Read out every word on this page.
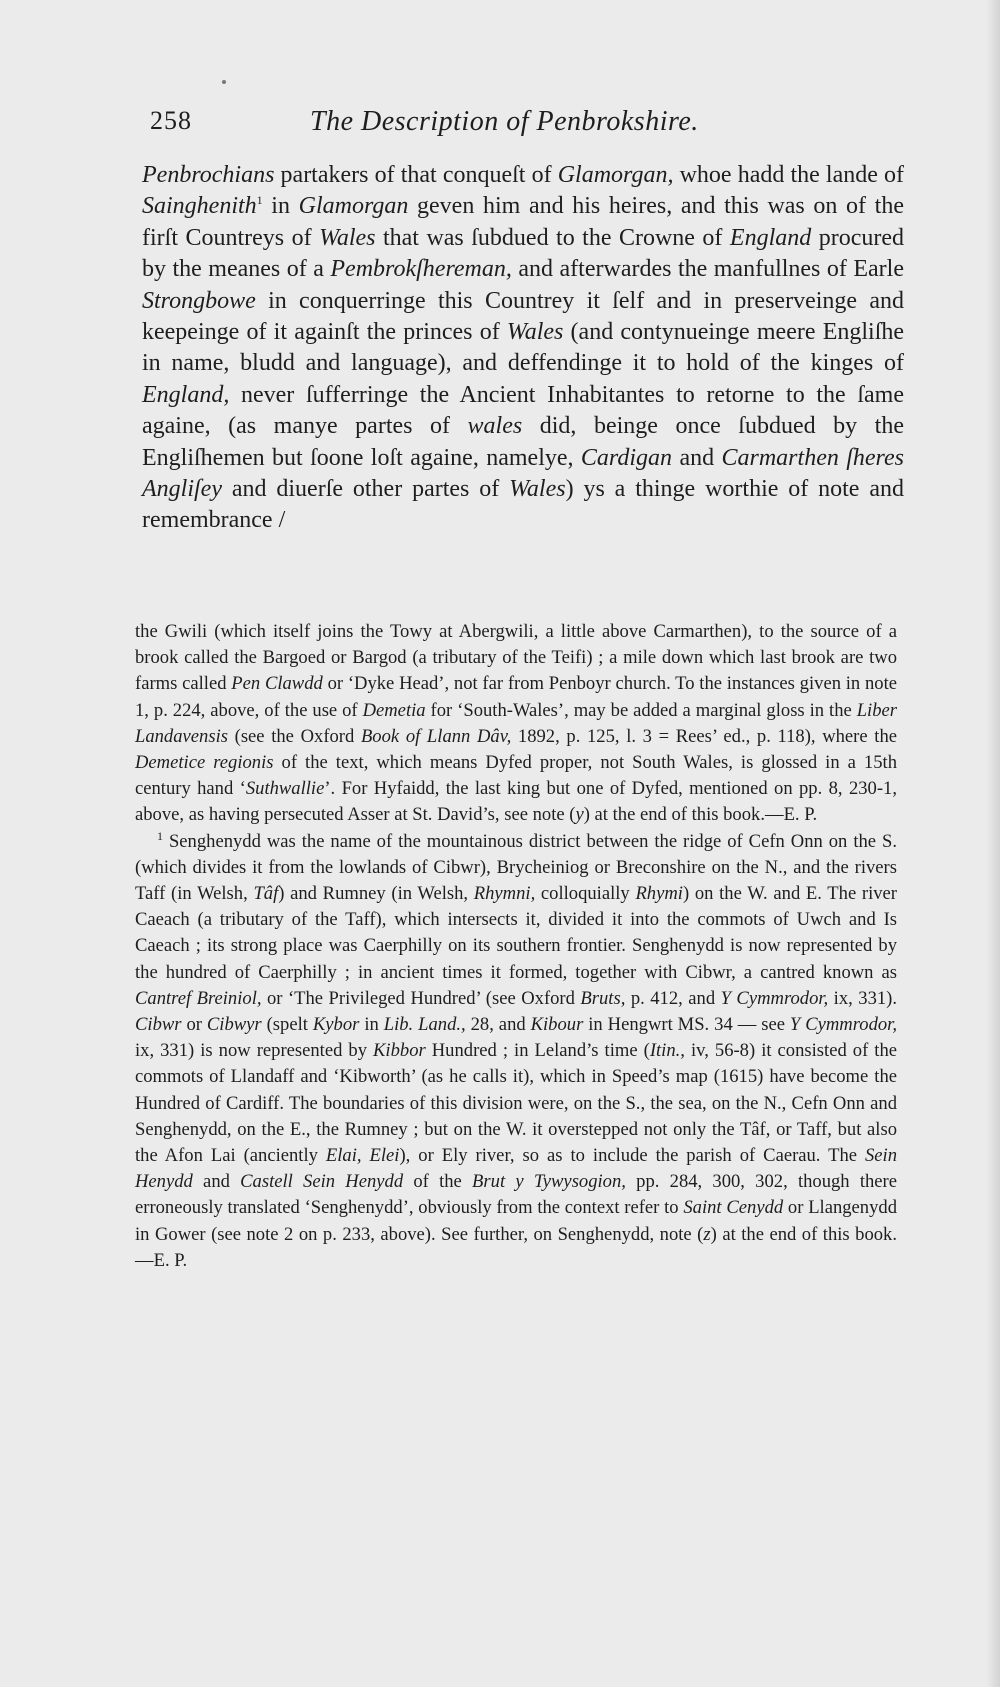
258	The Description of Penbrokshire.

Penbrochians partakers of that conqueſt of Glamorgan, whoe hadd the lande of Sainghenith$^1$ in Glamorgan geven him and his heires, and this was on of the firſt Countreys of Wales that was ſubdued to the Crowne of England procured by the meanes of a Pembrokſhereman, and afterwardes the manfullnes of Earle Strongbowe in conquerringe this Countrey it ſelf and in preserveinge and keepeinge of it againſt the princes of Wales (and contynueinge meere Engliſhe in name, bludd and language), and deffendinge it to hold of the kinges of England, never ſufferringe the Ancient Inhabitantes to retorne to the ſame againe, (as manye partes of wales did, beinge once ſubdued by the Engliſhemen but ſoone loſt againe, namelye, Cardigan and Carmarthen ſheres Angliſey and diuerſe other partes of Wales) ys a thinge worthie of note and remembrance /

the Gwili (which itself joins the Towy at Abergwili, a little above Carmarthen), to the source of a brook called the Bargoed or Bargod (a tributary of the Teifi) ; a mile down which last brook are two farms called Pen Clawdd or ‘Dyke Head’, not far from Penboyr church. To the instances given in note 1, p. 224, above, of the use of Demetia for ‘South-Wales’, may be added a marginal gloss in the Liber Landavensis (see the Oxford Book of Llann Dâv, 1892, p. 125, l. 3 = Rees’ ed., p. 118), where the Demetice regionis of the text, which means Dyfed proper, not South Wales, is glossed in a 15th century hand ‘Suthwallie’. For Hyfaidd, the last king but one of Dyfed, mentioned on pp. 8, 230-1, above, as having persecuted Asser at St. David’s, see note (y) at the end of this book.—E. P.

$^1$ Senghenydd was the name of the mountainous district between the ridge of Cefn Onn on the S. (which divides it from the lowlands of Cibwr), Brycheiniog or Breconshire on the N., and the rivers Taff (in Welsh, Tâf) and Rumney (in Welsh, Rhymni, colloquially Rhymi) on the W. and E. The river Caeach (a tributary of the Taff), which intersects it, divided it into the commots of Uwch and Is Caeach ; its strong place was Caerphilly on its southern frontier. Senghenydd is now represented by the hundred of Caerphilly ; in ancient times it formed, together with Cibwr, a cantred known as Cantref Breiniol, or ‘The Privileged Hundred’ (see Oxford Bruts, p. 412, and Y Cymmrodor, ix, 331). Cibwr or Cibwyr (spelt Kybor in Lib. Land., 28, and Kibour in Hengwrt MS. 34 — see Y Cymmrodor, ix, 331) is now represented by Kibbor Hundred ; in Leland’s time (Itin., iv, 56-8) it consisted of the commots of Llandaff and ‘Kibworth’ (as he calls it), which in Speed’s map (1615) have become the Hundred of Cardiff. The boundaries of this division were, on the S., the sea, on the N., Cefn Onn and Senghenydd, on the E., the Rumney ; but on the W. it overstepped not only the Tâf, or Taff, but also the Afon Lai (anciently Elai, Elei), or Ely river, so as to include the parish of Caerau. The Sein Henydd and Castell Sein Henydd of the Brut y Tywysogion, pp. 284, 300, 302, though there erroneously translated ‘Senghenydd’, obviously from the context refer to Saint Cenydd or Llangenydd in Gower (see note 2 on p. 233, above). See further, on Senghenydd, note (z) at the end of this book.—E. P.
